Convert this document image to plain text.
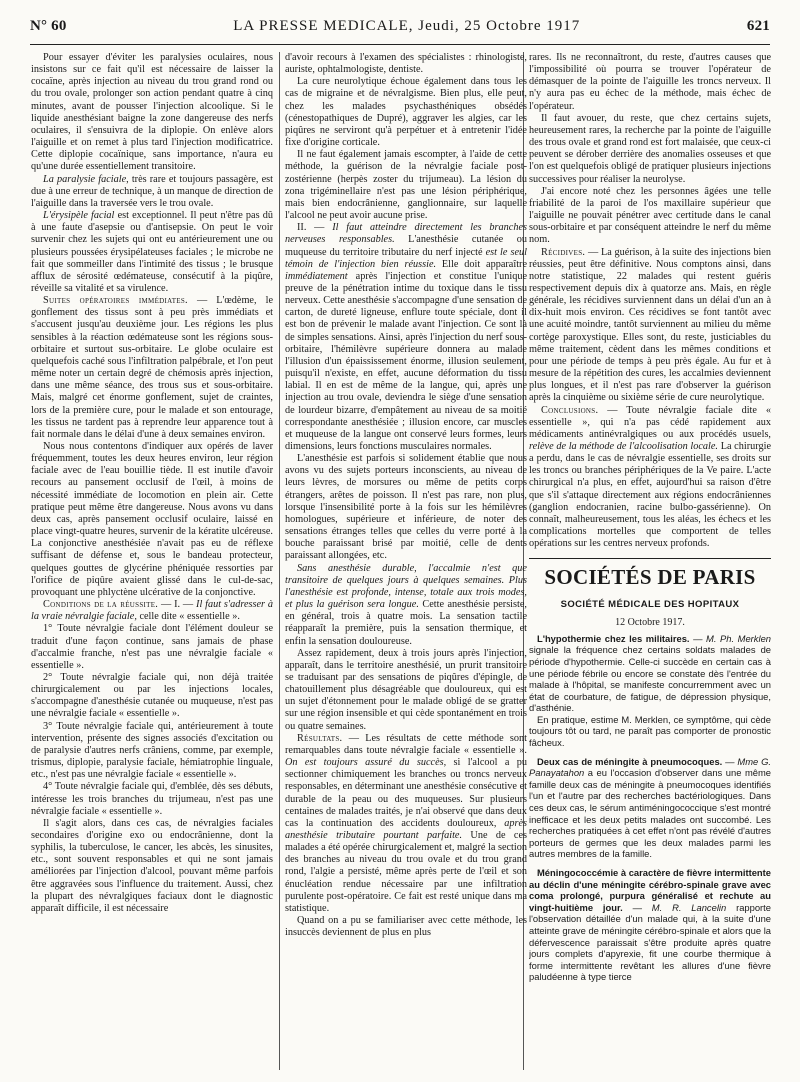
N° 60	LA PRESSE MEDICALE, Jeudi, 25 Octobre 1917	621

Pour essayer d'éviter les paralysies oculaires, nous insistons sur ce fait qu'il est nécessaire de laisser la cocaïne, après injection au niveau du trou grand rond ou du trou ovale, prolonger son action pendant quatre à cinq minutes, avant de pousser l'injection alcoolique. Si le liquide anesthésiant baigne la zone dangereuse des nerfs oculaires, il s'ensuivra de la diplopie. On enlève alors l'aiguille et on remet à plus tard l'injection modificatrice. Cette diplopie cocaïnique, sans importance, n'aura eu qu'une durée essentiellement transitoire.

La paralysie faciale, très rare et toujours passagère, est due à une erreur de technique, à un manque de direction de l'aiguille dans la traversée vers le trou ovale.

L'érysipèle facial est exceptionnel. Il peut n'être pas dû à une faute d'asepsie ou d'antisepsie. On peut le voir survenir chez les sujets qui ont eu antérieurement une ou plusieurs poussées érysipélateuses faciales ; le microbe ne fait que sommeiller dans l'intimité des tissus ; le brusque afflux de sérosité œdémateuse, consécutif à la piqûre, réveille sa vitalité et sa virulence.

Suites opératoires immédiates. — L'œdème, le gonflement des tissus sont à peu près immédiats et s'accusent jusqu'au deuxième jour. Les régions les plus sensibles à la réaction œdémateuse sont les régions sous-orbitaire et surtout sus-orbitaire. Le globe oculaire est quelquefois caché sous l'infiltration palpébrale, et l'on peut même noter un certain degré de chémosis après injection, dans une même séance, des trous sus et sous-orbitaire. Mais, malgré cet énorme gonflement, sujet de craintes, lors de la première cure, pour le malade et son entourage, les tissus ne tardent pas à reprendre leur apparence tout à fait normale dans le délai d'une à deux semaines environ.

Nous nous contentons d'indiquer aux opérés de laver fréquemment, toutes les deux heures environ, leur région faciale avec de l'eau bouillie tiède. Il est inutile d'avoir recours au pansement occlusif de l'œil, à moins de nécessité immédiate de locomotion en plein air. Cette pratique peut même être dangereuse. Nous avons vu dans deux cas, après pansement occlusif oculaire, laissé en place vingt-quatre heures, survenir de la kératite ulcéreuse. La conjonctive anesthésiée n'avait pas eu de réflexe suffisant de défense et, sous le bandeau protecteur, quelques gouttes de glycérine phéniquée ressorties par l'orifice de piqûre avaient glissé dans le cul-de-sac, provoquant une phlyctène ulcérative de la conjonctive.

Conditions de la réussite. — I. — Il faut s'adresser à la vraie névralgie faciale, celle dite « essentielle ».

1° Toute névralgie faciale dont l'élément douleur se traduit d'une façon continue, sans jamais de phase d'accalmie franche, n'est pas une névralgie faciale « essentielle ».

2° Toute névralgie faciale qui, non déjà traitée chirurgicalement ou par les injections locales, s'accompagne d'anesthésie cutanée ou muqueuse, n'est pas une névralgie faciale « essentielle ».

3° Toute névralgie faciale qui, antérieurement à toute intervention, présente des signes associés d'excitation ou de paralysie d'autres nerfs crâniens, comme, par exemple, trismus, diplopie, paralysie faciale, hémiatrophie linguale, etc., n'est pas une névralgie faciale « essentielle ».

4° Toute névralgie faciale qui, d'emblée, dès ses débuts, intéresse les trois branches du trijumeau, n'est pas une névralgie faciale « essentielle ».

Il s'agit alors, dans ces cas, de névralgies faciales secondaires d'origine exo ou endocrânienne, dont la syphilis, la tuberculose, le cancer, les abcès, les sinusites, etc., sont souvent responsables et qui ne sont jamais améliorées par l'injection d'alcool, pouvant même parfois être aggravées sous l'influence du traitement. Aussi, chez la plupart des névralgiques faciaux dont le diagnostic apparaît difficile, il est nécessaire

d'avoir recours à l'examen des spécialistes : rhinologiste, auriste, ophtalmologiste, dentiste.

La cure neurolytique échoue également dans tous les cas de migraine et de névralgisme. Bien plus, elle peut, chez les malades psychasthéniques obsédés (cénestopathiques de Dupré), aggraver les algies, car les piqûres ne serviront qu'à perpétuer et à entretenir l'idée fixe d'origine corticale.

Il ne faut également jamais escompter, à l'aide de cette méthode, la guérison de la névralgie faciale post-zostérienne (herpès zoster du trijumeau). La lésion du zona trigéminellaire n'est pas une lésion périphérique, mais bien endocrânienne, ganglionnaire, sur laquelle l'alcool ne peut avoir aucune prise.

II. — Il faut atteindre directement les branches nerveuses responsables. L'anesthésie cutanée ou muqueuse du territoire tributaire du nerf injecté est le seul témoin de l'injection bien réussie. Elle doit apparaître immédiatement après l'injection et constitue l'unique preuve de la pénétration intime du toxique dans le tissu nerveux. Cette anesthésie s'accompagne d'une sensation de carton, de dureté ligneuse, enflure toute spéciale, dont il est bon de prévenir le malade avant l'injection. Ce sont là de simples sensations. Ainsi, après l'injection du nerf sous-orbitaire, l'hémilèvre supérieure donnera au malade l'illusion d'un épaississement énorme, illusion seulement, puisqu'il n'existe, en effet, aucune déformation du tissu labial. Il en est de même de la langue, qui, après une injection au trou ovale, deviendra le siège d'une sensation de lourdeur bizarre, d'empâtement au niveau de sa moitié correspondante anesthésiée ; illusion encore, car muscles et muqueuse de la langue ont conservé leurs formes, leurs dimensions, leurs fonctions musculaires normales.

L'anesthésie est parfois si solidement établie que nous avons vu des sujets porteurs inconscients, au niveau de leurs lèvres, de morsures ou même de petits corps étrangers, arêtes de poisson. Il n'est pas rare, non plus, lorsque l'insensibilité porte à la fois sur les hémilèvres homologues, supérieure et inférieure, de noter des sensations étranges telles que celles du verre porté à la bouche paraissant brisé par moitié, celle de dents paraissant allongées, etc.

Sans anesthésie durable, l'accalmie n'est que transitoire de quelques jours à quelques semaines. Plus l'anesthésie est profonde, intense, totale aux trois modes, et plus la guérison sera longue. Cette anesthésie persiste, en général, trois à quatre mois. La sensation tactile réapparaît la première, puis la sensation thermique, et enfin la sensation douloureuse.

Assez rapidement, deux à trois jours après l'injection, apparaît, dans le territoire anesthésié, un prurit transitoire se traduisant par des sensations de piqûres d'épingle, de chatouillement plus désagréable que douloureux, qui est un sujet d'étonnement pour le malade obligé de se gratter sur une région insensible et qui cède spontanément en trois ou quatre semaines.

Résultats. — Les résultats de cette méthode sont remarquables dans toute névralgie faciale « essentielle ». On est toujours assuré du succès, si l'alcool a pu sectionner chimiquement les branches ou troncs nerveux responsables, en déterminant une anesthésie consécutive et durable de la peau ou des muqueuses. Sur plusieurs centaines de malades traités, je n'ai observé que dans deux cas la continuation des accidents douloureux, après anesthésie tributaire pourtant parfaite. Une de ces malades a été opérée chirurgicalement et, malgré la section des branches au niveau du trou ovale et du trou grand rond, l'algie a persisté, même après perte de l'œil et son énucléation rendue nécessaire par une infiltration purulente post-opératoire. Ce fait est resté unique dans ma statistique.

Quand on a pu se familiariser avec cette méthode, les insuccès deviennent de plus en plus

rares. Ils ne reconnaîtront, du reste, d'autres causes que l'impossibilité où pourra se trouver l'opérateur de démasquer de la pointe de l'aiguille les troncs nerveux. Il n'y aura pas eu échec de la méthode, mais échec de l'opérateur.

Il faut avouer, du reste, que chez certains sujets, heureusement rares, la recherche par la pointe de l'aiguille des trous ovale et grand rond est fort malaisée, que ceux-ci peuvent se dérober derrière des anomalies osseuses et que l'on est quelquefois obligé de pratiquer plusieurs injections successives pour réaliser la neurolyse.

J'ai encore noté chez les personnes âgées une telle friabilité de la paroi de l'os maxillaire supérieur que l'aiguille ne pouvait pénétrer avec certitude dans le canal sous-orbitaire et par conséquent atteindre le nerf du même nom.

Récidives. — La guérison, à la suite des injections bien réussies, peut être définitive. Nous comptons ainsi, dans notre statistique, 22 malades qui restent guéris respectivement depuis dix à quatorze ans. Mais, en règle générale, les récidives surviennent dans un délai d'un an à dix-huit mois environ. Ces récidives se font tantôt avec une acuité moindre, tantôt surviennent au milieu du même cortège paroxystique. Elles sont, du reste, justiciables du même traitement, cèdent dans les mêmes conditions et pour une période de temps à peu près égale. Au fur et à mesure de la répétition des cures, les accalmies deviennent plus longues, et il n'est pas rare d'observer la guérison après la cinquième ou sixième série de cure neurolytique.

Conclusions. — Toute névralgie faciale dite « essentielle », qui n'a pas cédé rapidement aux médicaments antinévralgiques ou aux procédés usuels, relève de la méthode de l'alcoolisation locale. La chirurgie a perdu, dans le cas de névralgie essentielle, ses droits sur les troncs ou branches périphériques de la Ve paire. L'acte chirurgical n'a plus, en effet, aujourd'hui sa raison d'être que s'il s'attaque directement aux régions endocrâniennes (ganglion endocranien, racine bulbo-gassérienne). On connaît, malheureusement, tous les aléas, les échecs et les complications mortelles que comportent de telles opérations sur les centres nerveux profonds.

SOCIÉTÉS DE PARIS
SOCIÉTÉ MÉDICALE DES HOPITAUX
12 Octobre 1917.

L'hypothermie chez les militaires. — M. Ph. Merklen signale la fréquence chez certains soldats malades de période d'hypothermie. Celle-ci succède en certain cas à une période fébrile ou encore se constate dès l'entrée du malade à l'hôpital, se manifeste concurremment avec un état de courbature, de fatigue, de dépression physique, d'asthénie.

En pratique, estime M. Merklen, ce symptôme, qui cède toujours tôt ou tard, ne paraît pas comporter de pronostic fâcheux.

Deux cas de méningite à pneumocoques. — Mme G. Panayatahon a eu l'occasion d'observer dans une même famille deux cas de méningite à pneumocoques identifiés l'un et l'autre par des recherches bactériologiques. Dans ces deux cas, le sérum antiméningococcique s'est montré inefficace et les deux petits malades ont succombé. Les recherches pratiquées à cet effet n'ont pas révélé d'autres porteurs de germes que les deux malades parmi les autres membres de la famille.

Méningococcémie à caractère de fièvre intermittente au déclin d'une méningite cérébro-spinale grave avec coma prolongé, purpura généralisé et rechute au vingt-huitième jour. — M. R. Lancelin rapporte l'observation détaillée d'un malade qui, à la suite d'une atteinte grave de méningite cérébro-spinale et alors que la défervescence paraissait s'être produite après quatre jours complets d'apyrexie, fit une courbe thermique à forme intermittente revêtant les allures d'une fièvre paludéenne à type tierce
